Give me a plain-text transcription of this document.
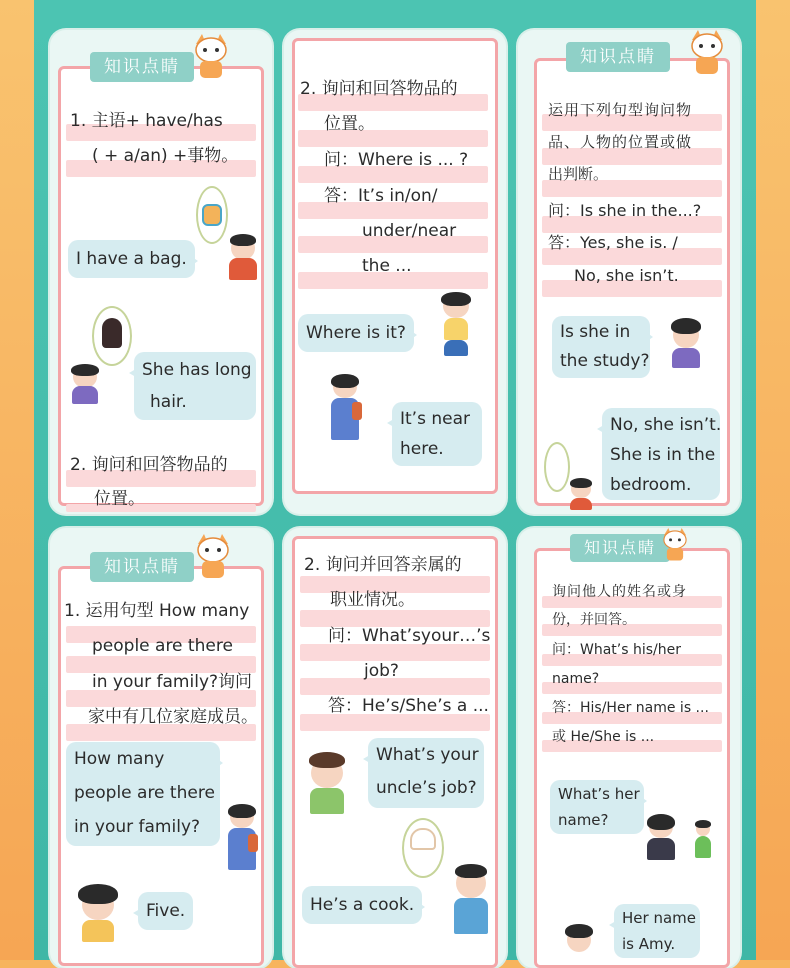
知识点睛
1. 主语+ have/has
( + a/an) +事物。
I have a bag.
She has long
hair.
2. 询问和回答物品的
位置。
2. 询问和回答物品的
位置。
问：Where is ... ?
答：It’s in/on/
under/near
the ...
Where is it?
It’s near
here.
知识点睛
运用下列句型询问物
品、人物的位置或做
出判断。
问：Is she in the...?
答：Yes, she is. /
No, she isn’t.
Is she in
the study?
No, she isn’t.
She is in the
bedroom.
知识点睛
1. 运用句型 How many
people are there
in your family?询问
家中有几位家庭成员。
How many
people are there
in your family?
Five.
2. 询问并回答亲属的
职业情况。
问：What’syour…’s
job?
答：He’s/She’s a ...
What’s your
uncle’s job?
He’s a cook.
知识点睛
询问他人的姓名或身
份，并回答。
问：What’s his/her
name?
答：His/Her name is ...
或 He/She is ...
What’s her
name?
Her name
is Amy.
